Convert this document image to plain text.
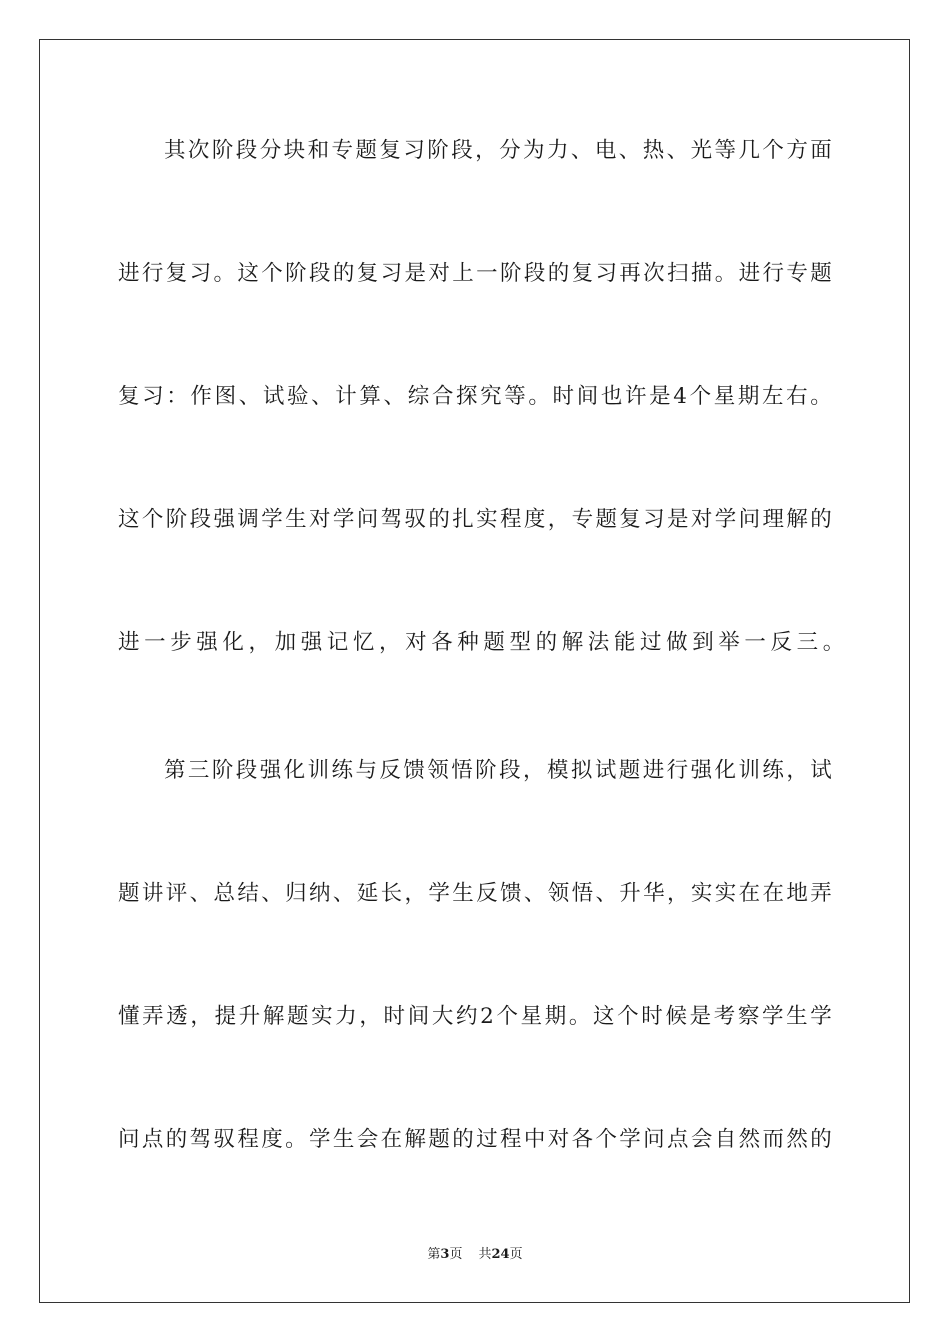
其次阶段分块和专题复习阶段，分为力、电、热、光等几个方面
进行复习。这个阶段的复习是对上一阶段的复习再次扫描。进行专题
复习：作图、试验、计算、综合探究等。时间也许是4个星期左右。
这个阶段强调学生对学问驾驭的扎实程度，专题复习是对学问理解的
进一步强化，加强记忆，对各种题型的解法能过做到举一反三。
第三阶段强化训练与反馈领悟阶段，模拟试题进行强化训练，试
题讲评、总结、归纳、延长，学生反馈、领悟、升华，实实在在地弄
懂弄透，提升解题实力，时间大约2个星期。这个时候是考察学生学
问点的驾驭程度。学生会在解题的过程中对各个学问点会自然而然的
第3页 共24页
